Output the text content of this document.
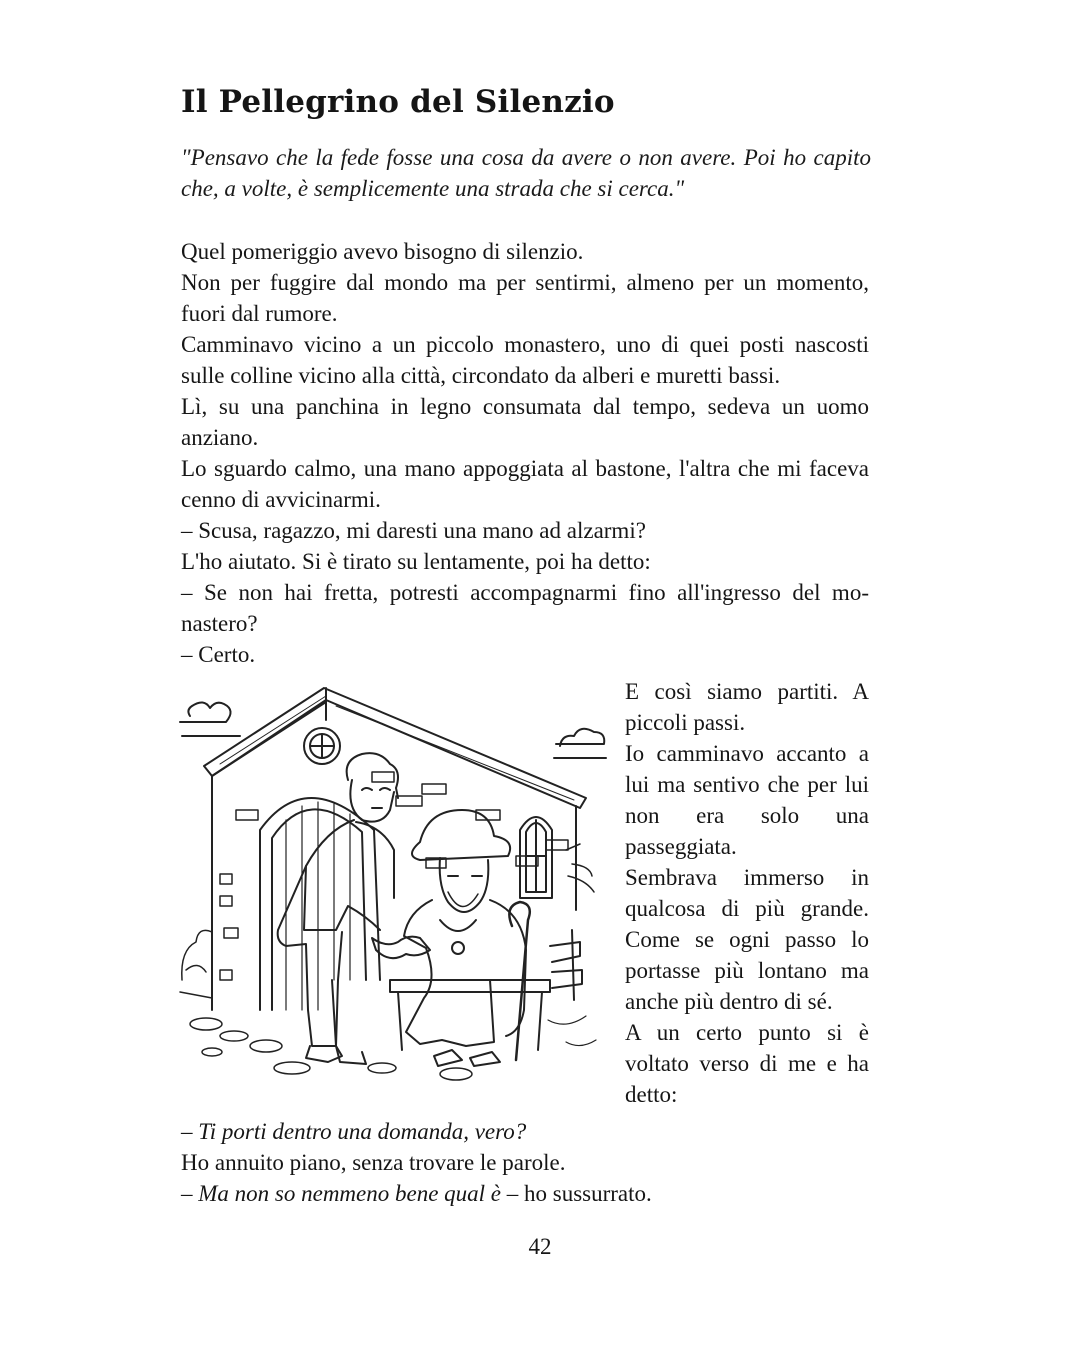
Il Pellegrino del Silenzio

"Pensavo che la fede fosse una cosa da avere o non avere. Poi ho capito che, a volte, è semplicemente una strada che si cerca."

Quel pomeriggio avevo bisogno di silenzio.

Non per fuggire dal mondo ma per sentirmi, almeno per un momento, fuori dal rumore.

Camminavo vicino a un piccolo monastero, uno di quei posti nascosti sulle colline vicino alla città, circondato da alberi e muretti bassi.

Lì, su una panchina in legno consumata dal tempo, sedeva un uomo anziano.

Lo sguardo calmo, una mano appoggiata al bastone, l'altra che mi faceva cenno di avvicinarmi.

– Scusa, ragazzo, mi daresti una mano ad alzarmi?

L'ho aiutato. Si è tirato su lentamente, poi ha detto:

– Se non hai fretta, potresti accompagnarmi fino all'ingresso del monastero?

– Certo.

E così siamo partiti. A piccoli passi.

Io camminavo accanto a lui ma sentivo che per lui non era solo una passeggiata.

Sembrava immerso in qualcosa di più grande. Come se ogni passo lo portasse più lontano ma anche più dentro di sé.

A un certo punto si è voltato verso di me e ha detto:

– Ti porti dentro una domanda, vero?

Ho annuito piano, senza trovare le parole.

– Ma non so nemmeno bene qual è – ho sussurrato.

42
